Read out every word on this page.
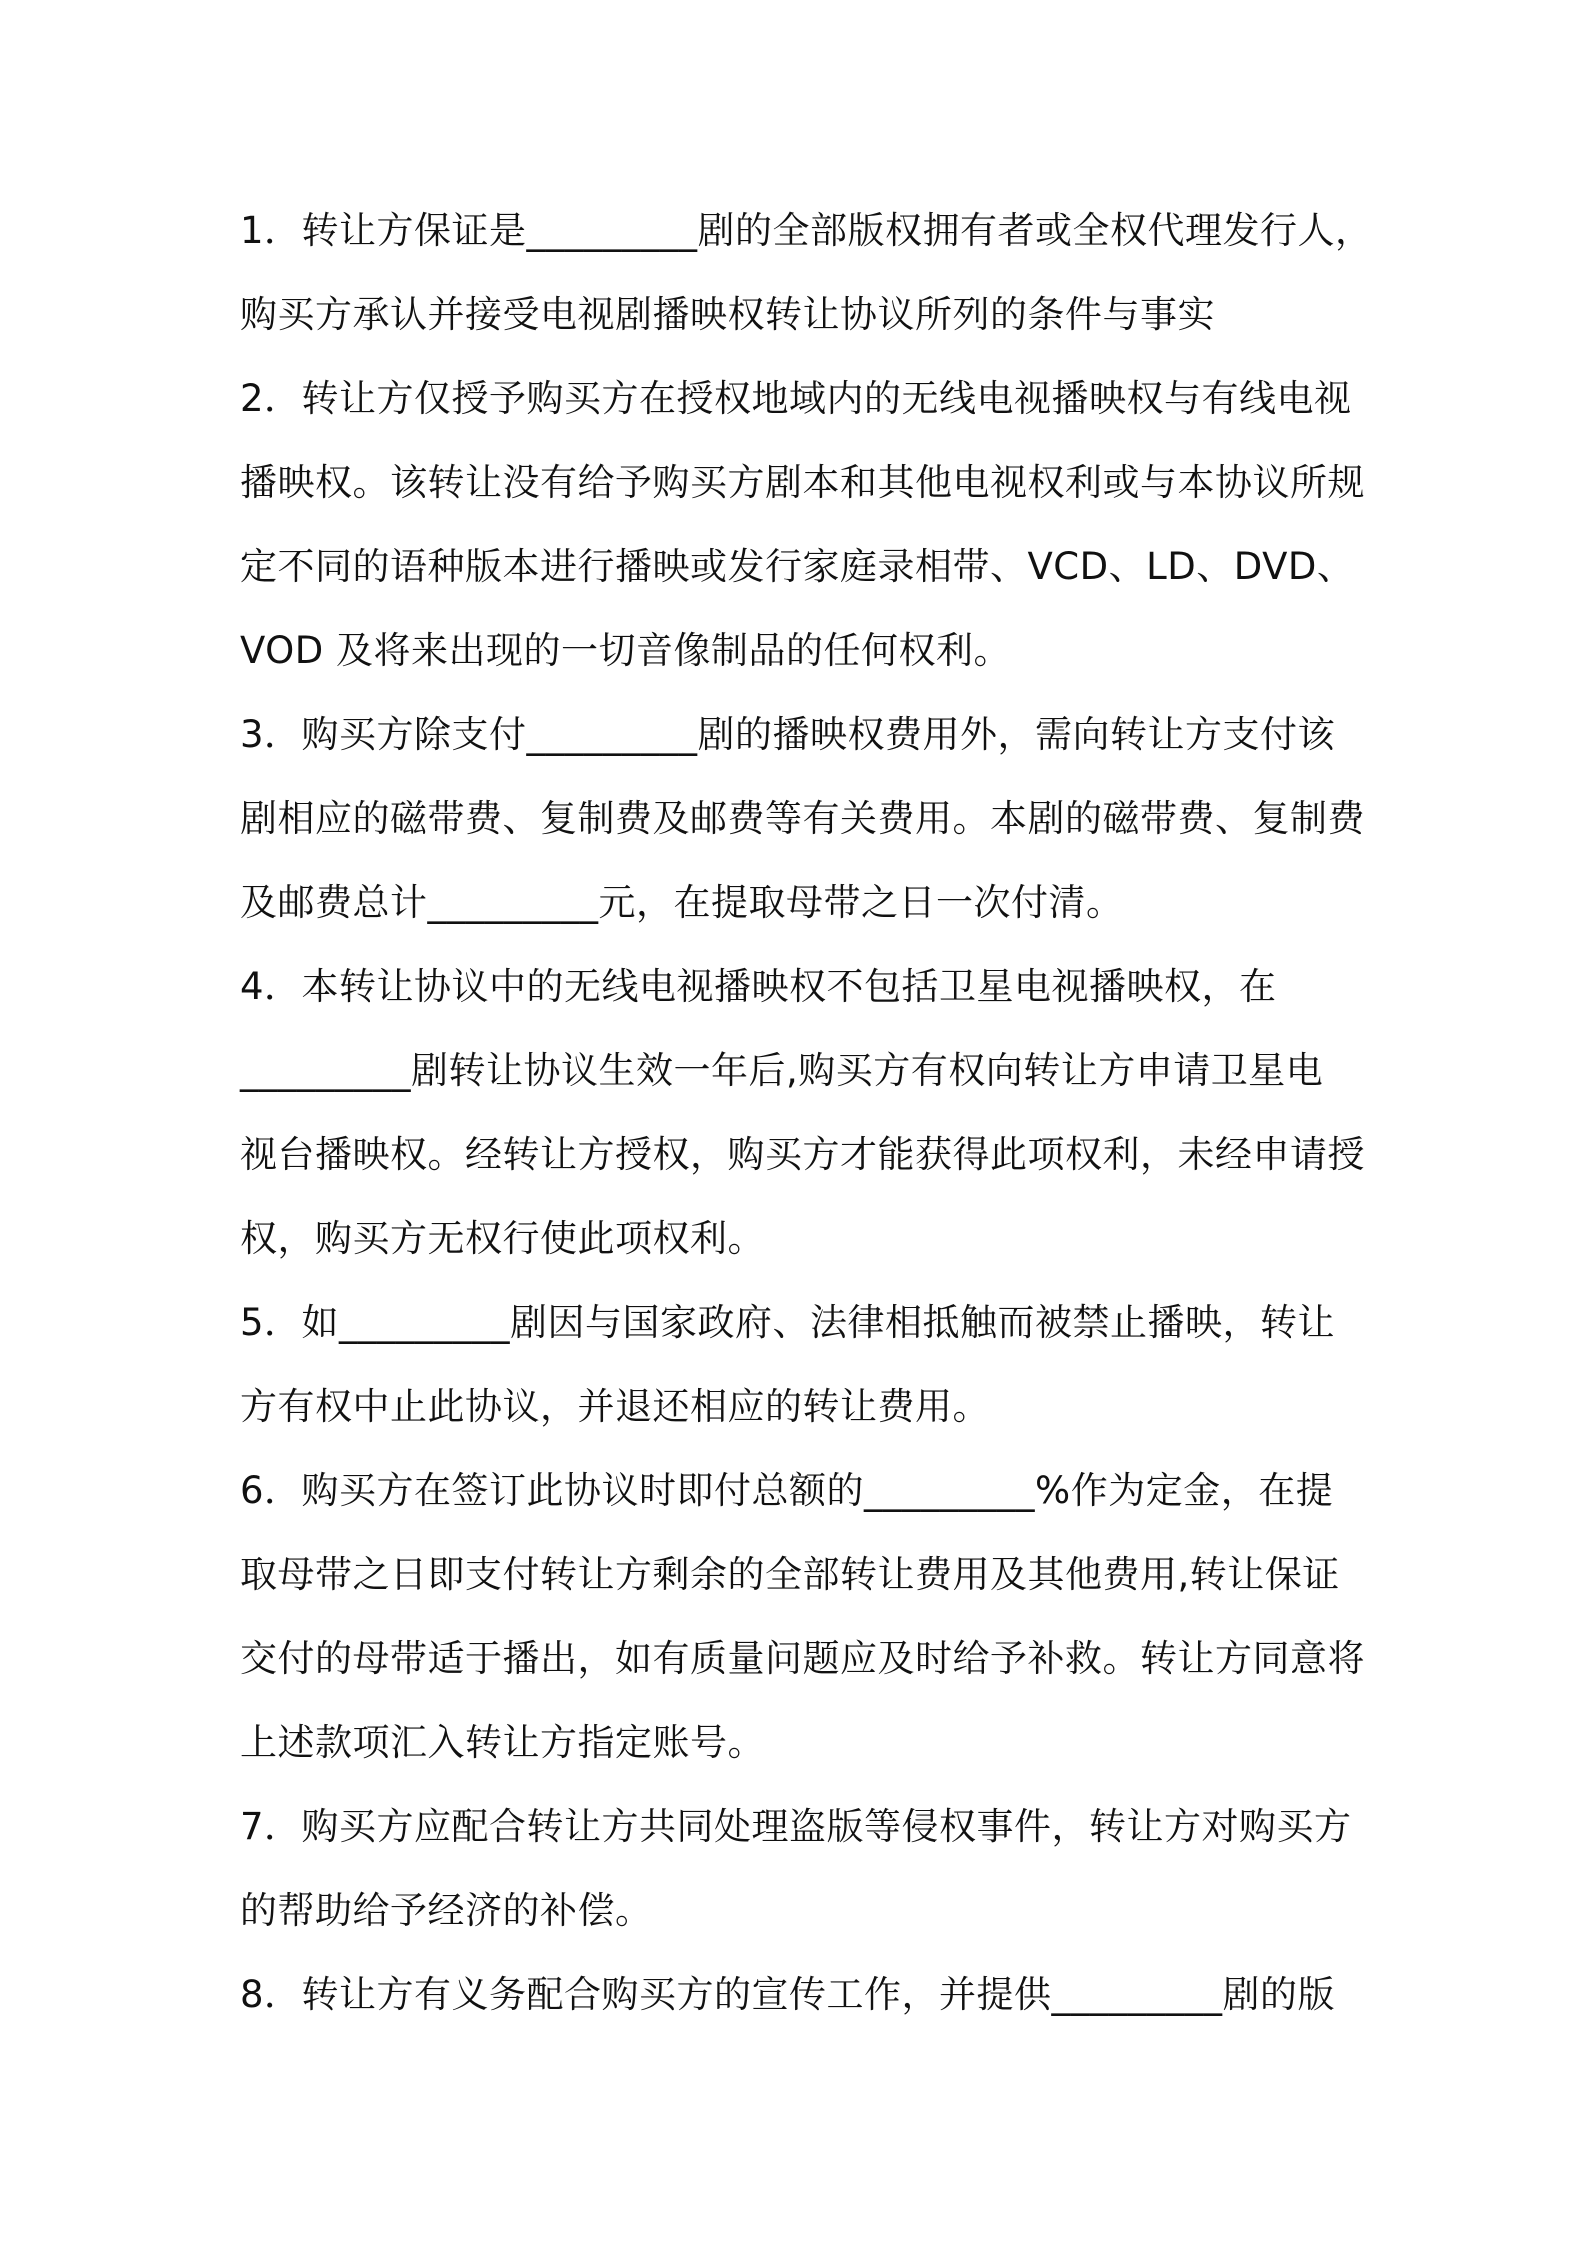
1．转让方保证是_________剧的全部版权拥有者或全权代理发行人，
购买方承认并接受电视剧播映权转让协议所列的条件与事实
2．转让方仅授予购买方在授权地域内的无线电视播映权与有线电视
播映权。该转让没有给予购买方剧本和其他电视权利或与本协议所规
定不同的语种版本进行播映或发行家庭录相带、VCD、LD、DVD、
VOD 及将来出现的一切音像制品的任何权利。
3．购买方除支付_________剧的播映权费用外，需向转让方支付该
剧相应的磁带费、复制费及邮费等有关费用。本剧的磁带费、复制费
及邮费总计_________元，在提取母带之日一次付清。
4．本转让协议中的无线电视播映权不包括卫星电视播映权，在
_________剧转让协议生效一年后,购买方有权向转让方申请卫星电
视台播映权。经转让方授权，购买方才能获得此项权利，未经申请授
权，购买方无权行使此项权利。
5．如_________剧因与国家政府、法律相抵触而被禁止播映，转让
方有权中止此协议，并退还相应的转让费用。
6．购买方在签订此协议时即付总额的_________%作为定金，在提
取母带之日即支付转让方剩余的全部转让费用及其他费用,转让保证
交付的母带适于播出，如有质量问题应及时给予补救。转让方同意将
上述款项汇入转让方指定账号。
7．购买方应配合转让方共同处理盗版等侵权事件，转让方对购买方
的帮助给予经济的补偿。
8．转让方有义务配合购买方的宣传工作，并提供_________剧的版
